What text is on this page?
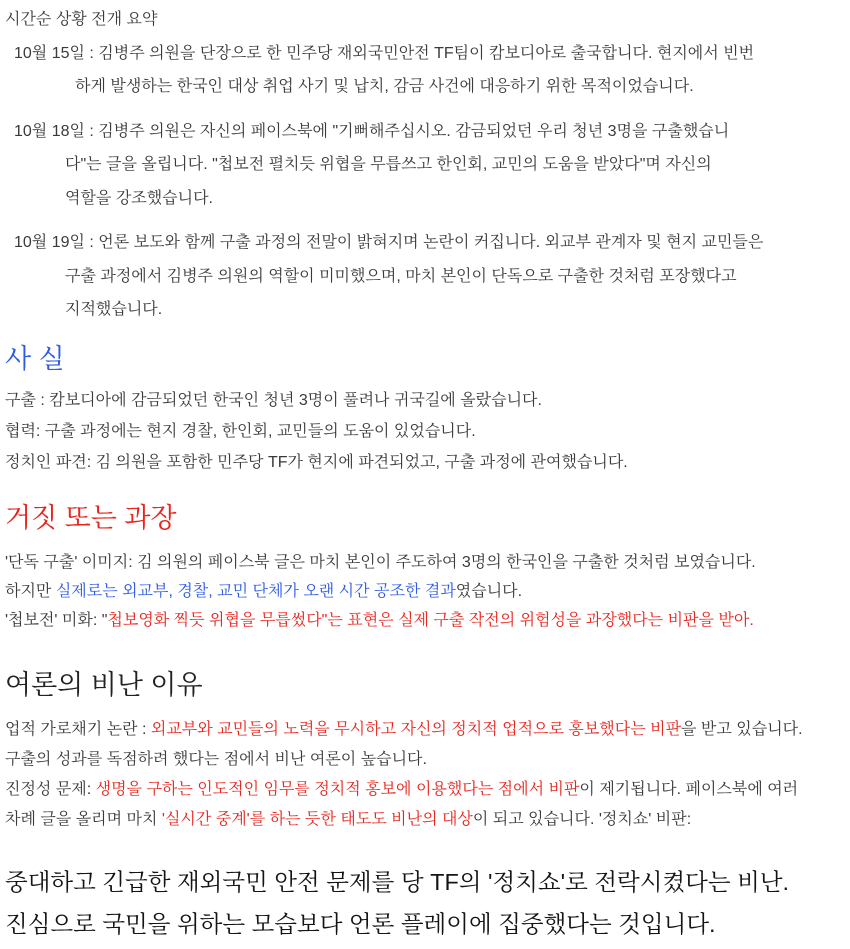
시간순 상황 전개 요약
10월 15일 : 김병주 의원을 단장으로 한 민주당 재외국민안전 TF팀이 캄보디아로 출국합니다. 현지에서 빈번
하게 발생하는 한국인 대상 취업 사기 및 납치, 감금 사건에 대응하기 위한 목적이었습니다.
10월 18일 : 김병주 의원은 자신의 페이스북에 "기뻐해주십시오. 감금되었던 우리 청년 3명을 구출했습니
다"는 글을 올립니다. "첩보전 펼치듯 위협을 무릅쓰고 한인회, 교민의 도움을 받았다"며 자신의
역할을 강조했습니다.
10월 19일 : 언론 보도와 함께 구출 과정의 전말이 밝혀지며 논란이 커집니다. 외교부 관계자 및 현지 교민들은
구출 과정에서 김병주 의원의 역할이 미미했으며, 마치 본인이 단독으로 구출한 것처럼 포장했다고
지적했습니다.
사 실
구출 : 캄보디아에 감금되었던 한국인 청년 3명이 풀려나 귀국길에 올랐습니다.
협력: 구출 과정에는 현지 경찰, 한인회, 교민들의 도움이 있었습니다.
정치인 파견: 김 의원을 포함한 민주당 TF가 현지에 파견되었고, 구출 과정에 관여했습니다.
거짓 또는 과장
'단독 구출' 이미지: 김 의원의 페이스북 글은 마치 본인이 주도하여 3명의 한국인을 구출한 것처럼 보였습니다.
하지만 실제로는 외교부, 경찰, 교민 단체가 오랜 시간 공조한 결과였습니다.
'첩보전' 미화: "첩보영화 찍듯 위협을 무릅썼다"는 표현은 실제 구출 작전의 위험성을 과장했다는 비판을 받아.
여론의 비난 이유
업적 가로채기 논란 : 외교부와 교민들의 노력을 무시하고 자신의 정치적 업적으로 홍보했다는 비판을 받고 있습니다.
구출의 성과를 독점하려 했다는 점에서 비난 여론이 높습니다.
진정성 문제: 생명을 구하는 인도적인 임무를 정치적 홍보에 이용했다는 점에서 비판이 제기됩니다. 페이스북에 여러
차례 글을 올리며 마치 '실시간 중계'를 하는 듯한 태도도 비난의 대상이 되고 있습니다. '정치쇼' 비판:
중대하고 긴급한 재외국민 안전 문제를 당 TF의 '정치쇼'로 전락시켰다는 비난.
진심으로 국민을 위하는 모습보다 언론 플레이에 집중했다는 것입니다.
